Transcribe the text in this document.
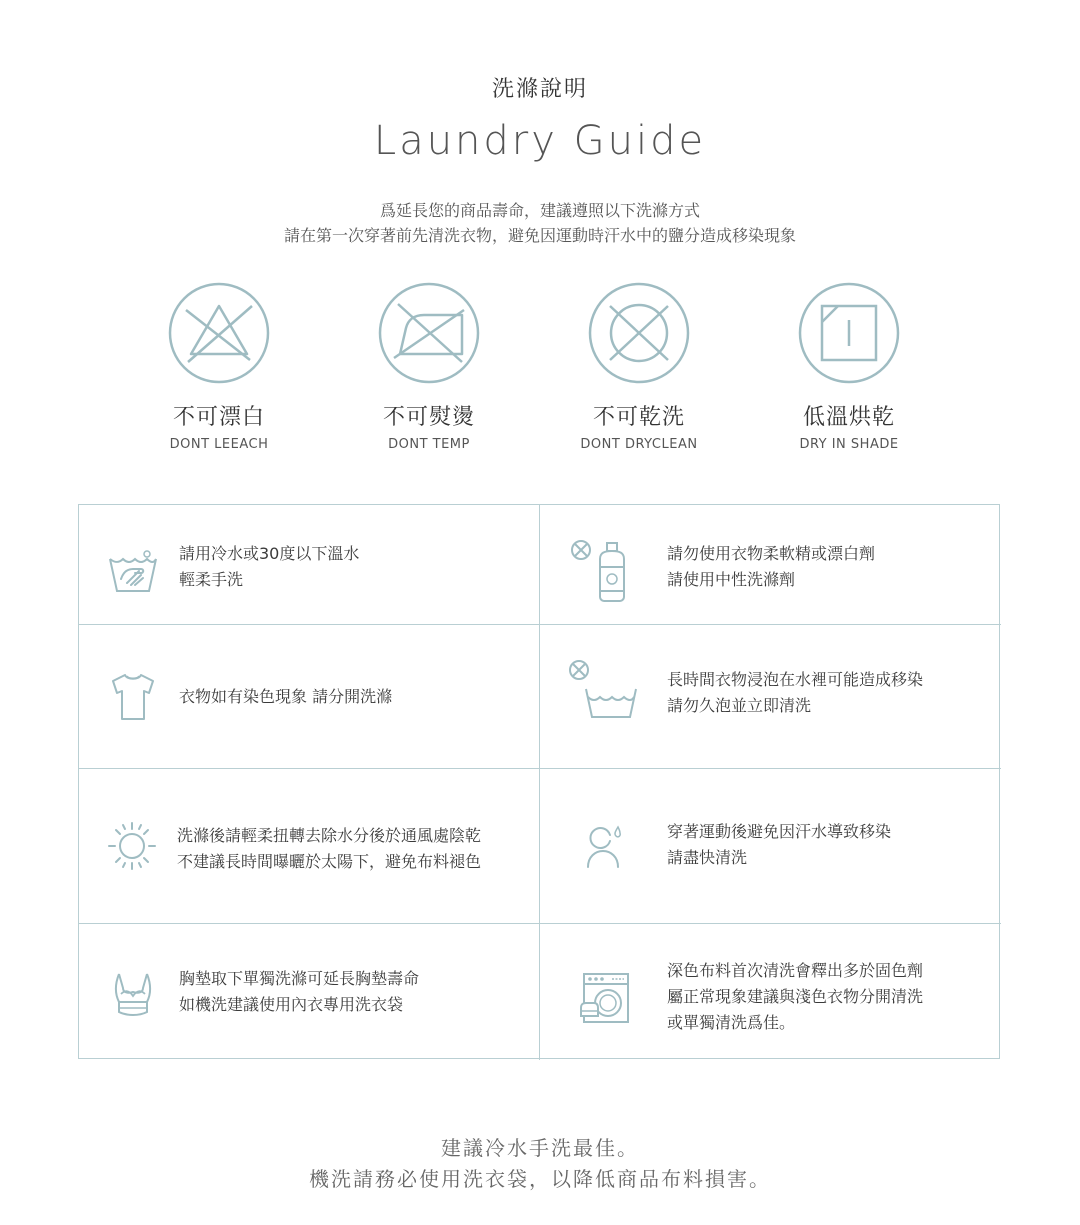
洗滌說明
Laundry Guide
爲延長您的商品壽命，建議遵照以下洗滌方式
請在第一次穿著前先清洗衣物，避免因運動時汗水中的鹽分造成移染現象
不可漂白
DONT LEEACH
不可熨燙
DONT TEMP
不可乾洗
DONT DRYCLEAN
低溫烘乾
DRY IN SHADE
請用冷水或30度以下溫水
輕柔手洗
請勿使用衣物柔軟精或漂白劑
請使用中性洗滌劑
衣物如有染色現象 請分開洗滌
長時間衣物浸泡在水裡可能造成移染
請勿久泡並立即清洗
洗滌後請輕柔扭轉去除水分後於通風處陰乾
不建議長時間曝曬於太陽下，避免布料褪色
穿著運動後避免因汗水導致移染
請盡快清洗
胸墊取下單獨洗滌可延長胸墊壽命
如機洗建議使用內衣專用洗衣袋
深色布料首次清洗會釋出多於固色劑
屬正常現象建議與淺色衣物分開清洗
或單獨清洗爲佳。
建議冷水手洗最佳。
機洗請務必使用洗衣袋，以降低商品布料損害。
